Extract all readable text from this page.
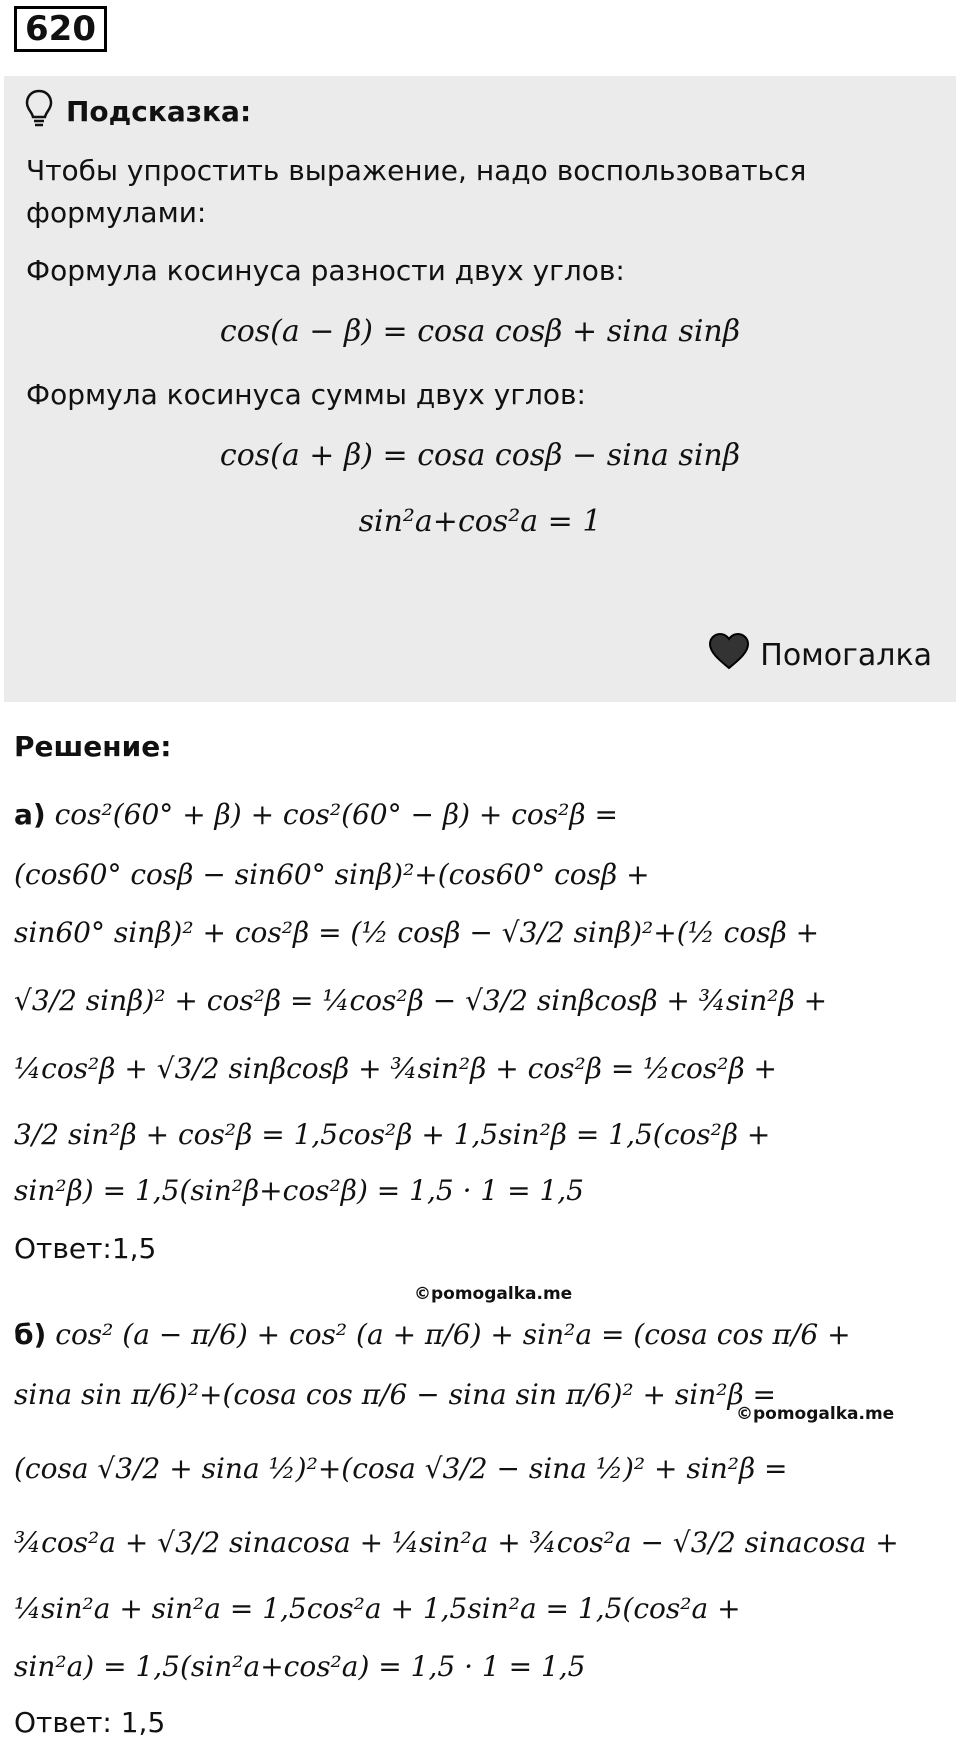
620
Подсказка:
Чтобы упростить выражение, надо воспользоваться
формулами:
Формула косинуса разности двух углов:
cos(a − β) = cosa cosβ + sina sinβ
Формула косинуса суммы двух углов:
cos(a + β) = cosa cosβ − sina sinβ
sin²a+cos²a = 1
Помогалка
Решение:
а) cos²(60° + β) + cos²(60° − β) + cos²β =
(cos60° cosβ − sin60° sinβ)²+(cos60° cosβ +
sin60° sinβ)² + cos²β = (½ cosβ − √3/2 sinβ)²+(½ cosβ +
√3/2 sinβ)² + cos²β = ¼cos²β − √3/2 sinβcosβ + ¾sin²β +
¼cos²β + √3/2 sinβcosβ + ¾sin²β + cos²β = ½cos²β +
3/2 sin²β + cos²β = 1,5cos²β + 1,5sin²β = 1,5(cos²β +
sin²β) = 1,5(sin²β+cos²β) = 1,5 · 1 = 1,5
Ответ:1,5
©pomogalka.me
б) cos² (a − π/6) + cos² (a + π/6) + sin²a = (cosa cos π/6 +
sina sin π/6)²+(cosa cos π/6 − sina sin π/6)² + sin²β =
©pomogalka.me
(cosa √3/2 + sina ½)²+(cosa √3/2 − sina ½)² + sin²β =
¾cos²a + √3/2 sinacosa + ¼sin²a + ¾cos²a − √3/2 sinacosa +
¼sin²a + sin²a = 1,5cos²a + 1,5sin²a = 1,5(cos²a +
sin²a) = 1,5(sin²a+cos²a) = 1,5 · 1 = 1,5
Ответ: 1,5
